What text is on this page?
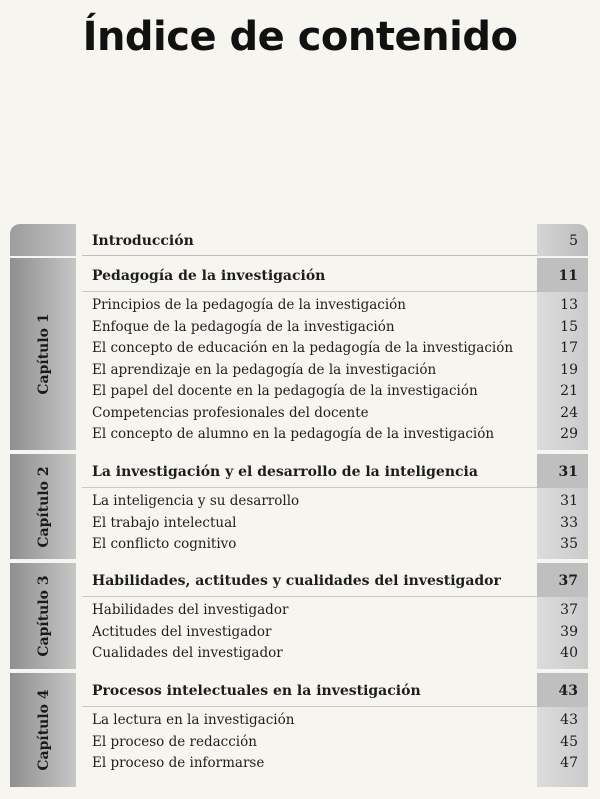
Índice de contenido
Introducción	5
Capítulo 1
Pedagogía de la investigación	11
Principios de la pedagogía de la investigación	13
Enfoque de la pedagogía de la investigación	15
El concepto de educación en la pedagogía de la investigación	17
El aprendizaje en la pedagogía de la investigación	19
El papel del docente en la pedagogía de la investigación	21
Competencias profesionales del docente	24
El concepto de alumno en la pedagogía de la investigación	29
Capítulo 2	La investigación y el desarrollo de la inteligencia	31
La inteligencia y su desarrollo	31
El trabajo intelectual	33
El conflicto cognitivo	35
Capítulo 3	Habilidades, actitudes y cualidades del investigador	37
Habilidades del investigador	37
Actitudes del investigador	39
Cualidades del investigador	40
Capítulo 4	Procesos intelectuales en la investigación	43
La lectura en la investigación	43
El proceso de redacción	45
El proceso de informarse	47
